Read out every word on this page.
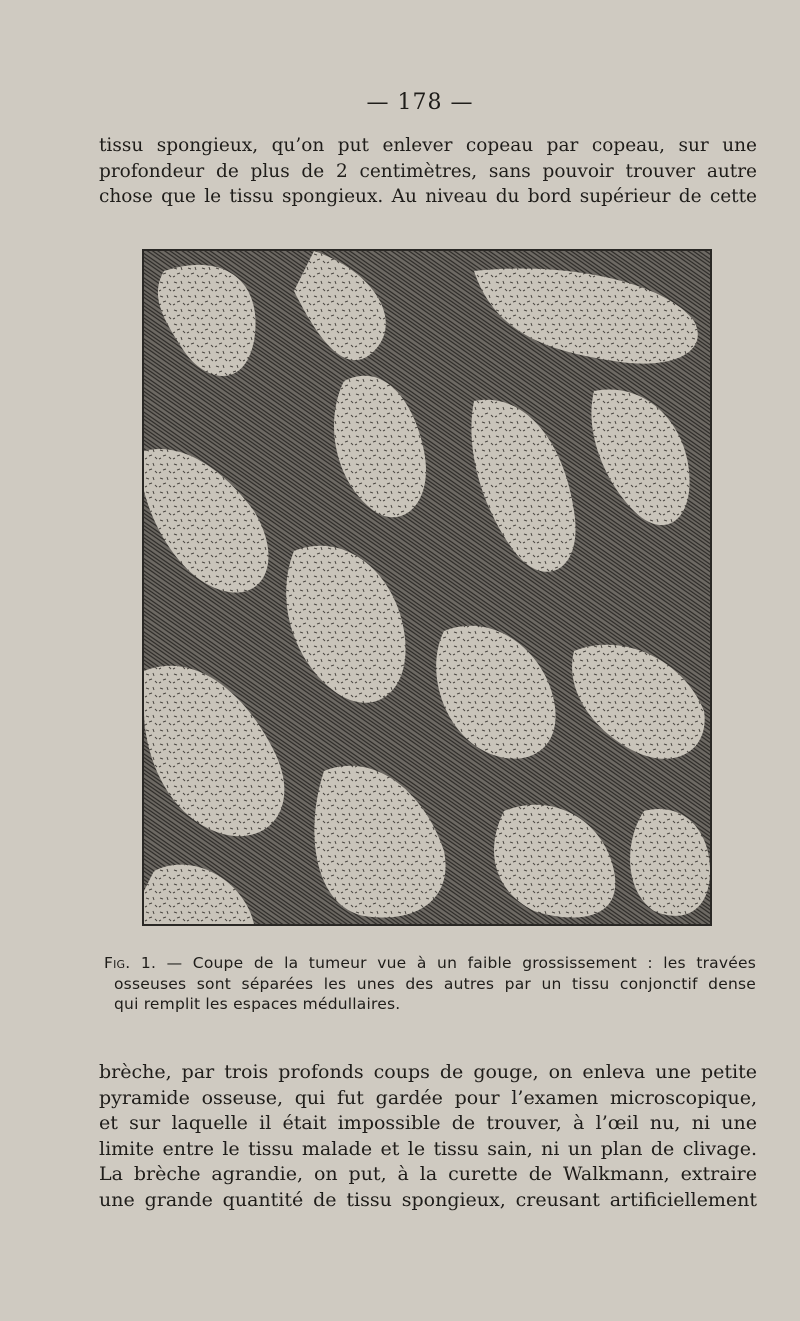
— 178 —
tissu spongieux, qu’on put enlever copeau par copeau, sur une
profondeur de plus de 2 centimètres, sans pouvoir trouver autre
chose que le tissu spongieux. Au niveau du bord supérieur de cette
Fig. 1. — Coupe de la tumeur vue à un faible grossissement : les travées
osseuses sont séparées les unes des autres par un tissu conjonctif dense
qui remplit les espaces médullaires.
brèche, par trois profonds coups de gouge, on enleva une petite
pyramide osseuse, qui fut gardée pour l’examen microscopique,
et sur laquelle il était impossible de trouver, à l’œil nu, ni une
limite entre le tissu malade et le tissu sain, ni un plan de clivage.
La brèche agrandie, on put, à la curette de Walkmann, extraire
une grande quantité de tissu spongieux, creusant artificiellement
